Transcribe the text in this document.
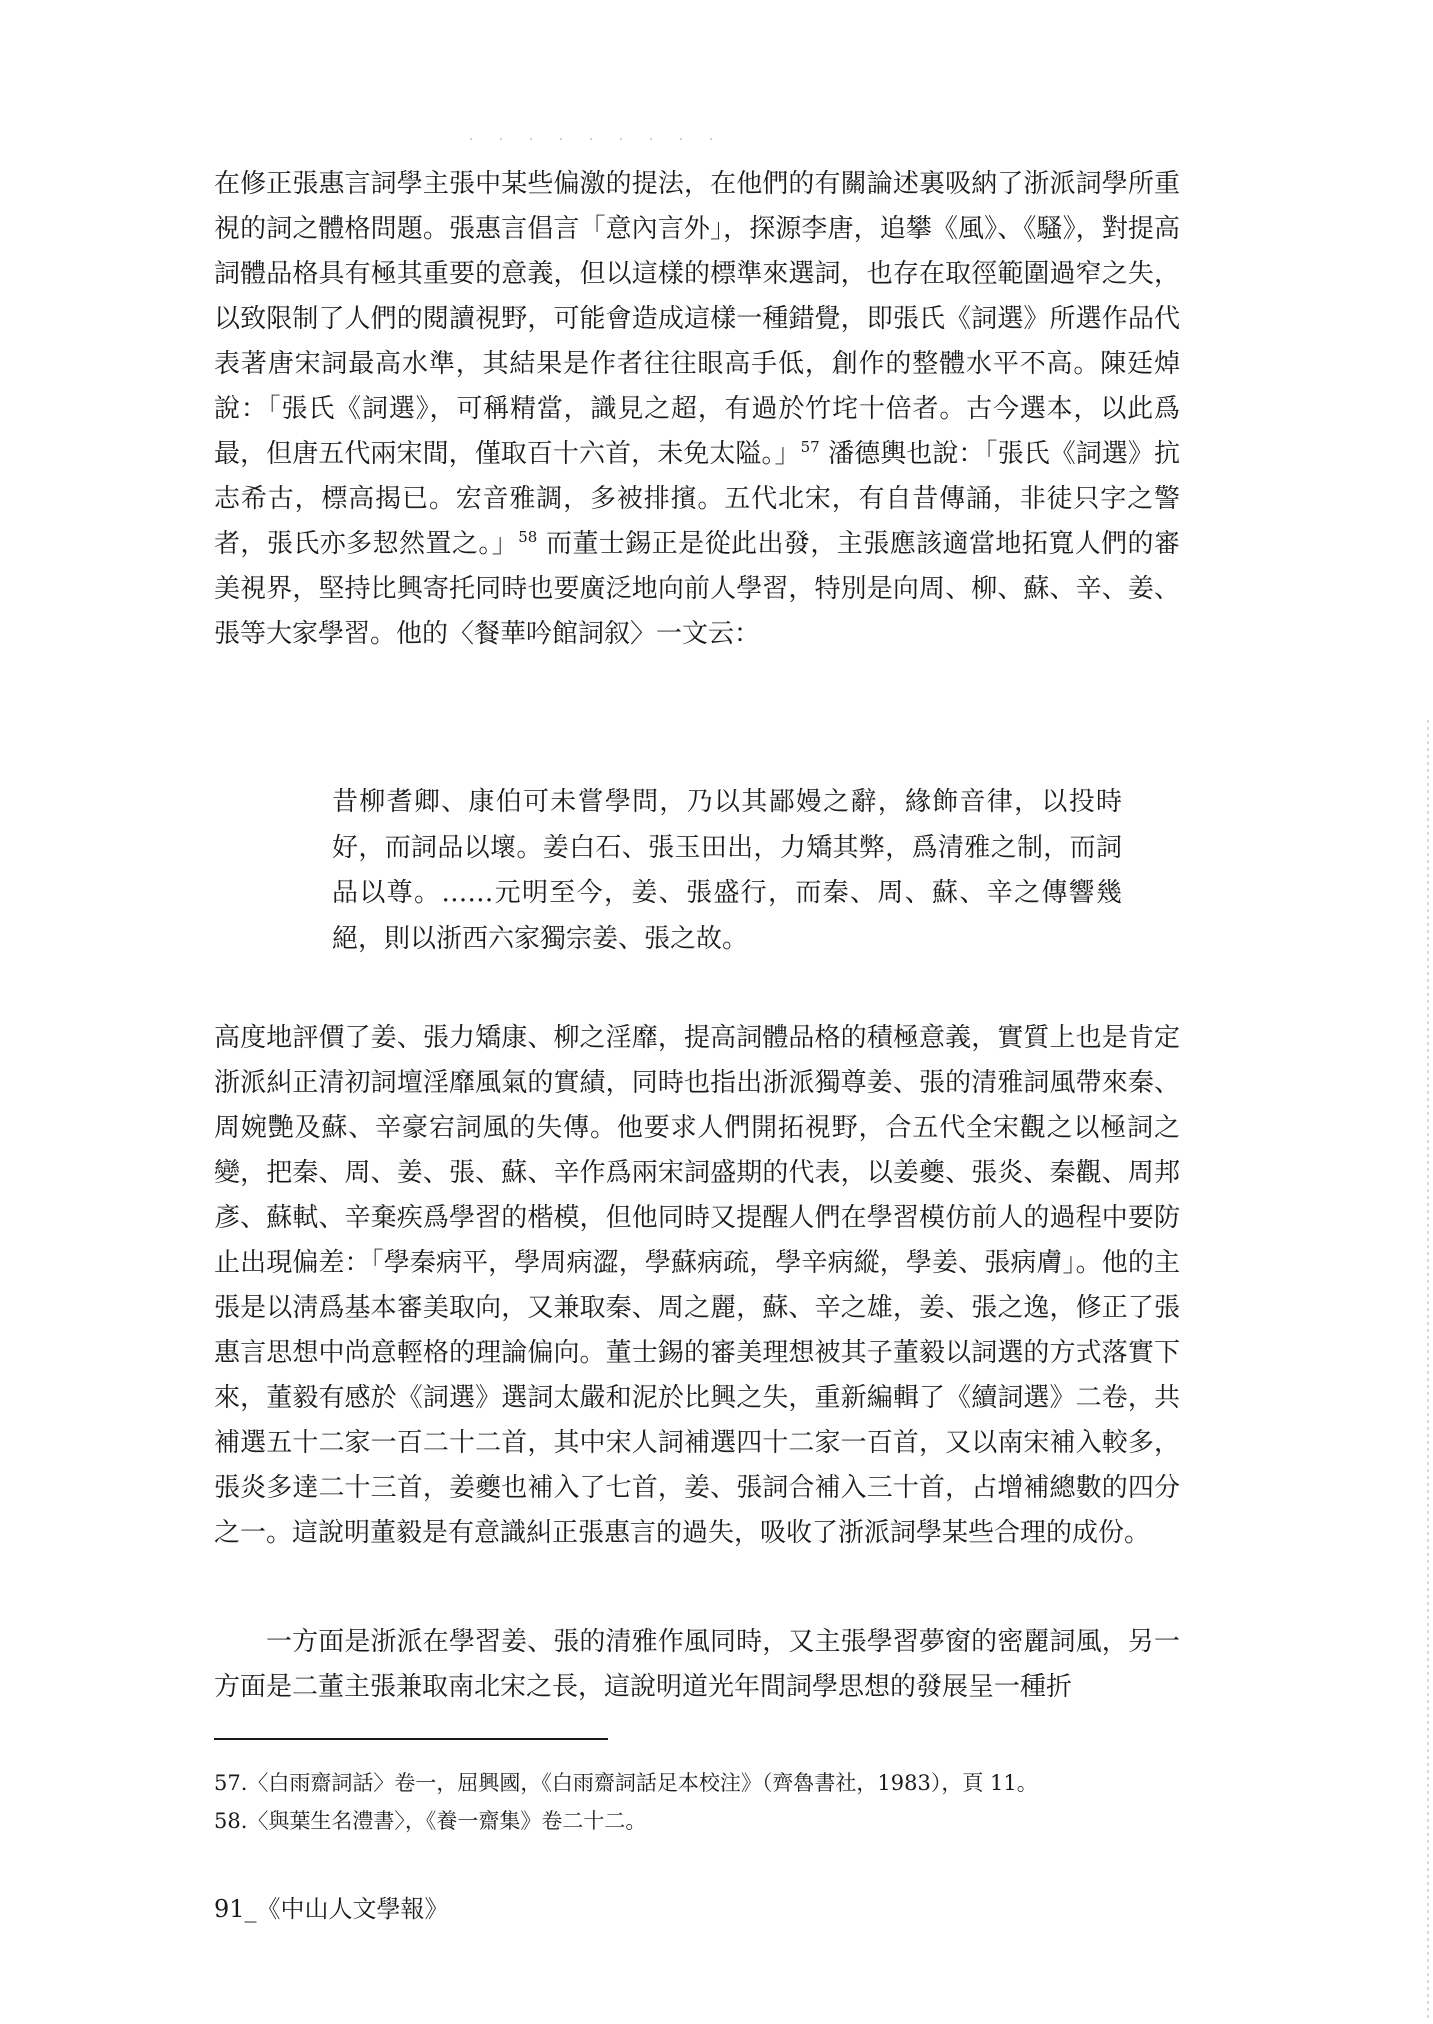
在修正張惠言詞學主張中某些偏激的提法，在他們的有關論述裏吸納了浙派詞學所重視的詞之體格問題。張惠言倡言「意內言外」，探源李唐，追攀《風》、《騷》，對提高詞體品格具有極其重要的意義，但以這樣的標準來選詞，也存在取徑範圍過窄之失，以致限制了人們的閱讀視野，可能會造成這樣一種錯覺，即張氏《詞選》所選作品代表著唐宋詞最高水準，其結果是作者往往眼高手低，創作的整體水平不高。陳廷焯說：「張氏《詞選》，可稱精當，識見之超，有過於竹垞十倍者。古今選本，以此爲最，但唐五代兩宋間，僅取百十六首，未免太隘。」$^{57}$ 潘德輿也說：「張氏《詞選》抗志希古，標高揭已。宏音雅調，多被排擯。五代北宋，有自昔傳誦，非徒只字之警者，張氏亦多恝然置之。」$^{58}$ 而董士錫正是從此出發，主張應該適當地拓寬人們的審美視界，堅持比興寄托同時也要廣泛地向前人學習，特別是向周、柳、蘇、辛、姜、張等大家學習。他的〈餐華吟館詞叙〉一文云：

昔柳耆卿、康伯可未嘗學問，乃以其鄙嫚之辭，緣飾音律，以投時好，而詞品以壞。姜白石、張玉田出，力矯其弊，爲清雅之制，而詞品以尊。……元明至今，姜、張盛行，而秦、周、蘇、辛之傳響幾絕，則以浙西六家獨宗姜、張之故。

高度地評價了姜、張力矯康、柳之淫靡，提高詞體品格的積極意義，實質上也是肯定浙派糾正清初詞壇淫靡風氣的實績，同時也指出浙派獨尊姜、張的清雅詞風帶來秦、周婉艷及蘇、辛豪宕詞風的失傳。他要求人們開拓視野，合五代全宋觀之以極詞之變，把秦、周、姜、張、蘇、辛作爲兩宋詞盛期的代表，以姜夔、張炎、秦觀、周邦彥、蘇軾、辛棄疾爲學習的楷模，但他同時又提醒人們在學習模仿前人的過程中要防止出現偏差：「學秦病平，學周病澀，學蘇病疏，學辛病縱，學姜、張病膚」。他的主張是以淸爲基本審美取向，又兼取秦、周之麗，蘇、辛之雄，姜、張之逸，修正了張惠言思想中尚意輕格的理論偏向。董士錫的審美理想被其子董毅以詞選的方式落實下來，董毅有感於《詞選》選詞太嚴和泥於比興之失，重新編輯了《續詞選》二卷，共補選五十二家一百二十二首，其中宋人詞補選四十二家一百首，又以南宋補入較多，張炎多達二十三首，姜夔也補入了七首，姜、張詞合補入三十首，占增補總數的四分之一。這說明董毅是有意識糾正張惠言的過失，吸收了浙派詞學某些合理的成份。

一方面是浙派在學習姜、張的清雅作風同時，又主張學習夢窗的密麗詞風，另一方面是二董主張兼取南北宋之長，這說明道光年間詞學思想的發展呈一種折

57.〈白雨齋詞話〉卷一，屈興國，《白雨齋詞話足本校注》（齊魯書社，1983），頁 11。

58.〈與葉生名澧書〉，《養一齋集》卷二十二。

91_《中山人文學報》
